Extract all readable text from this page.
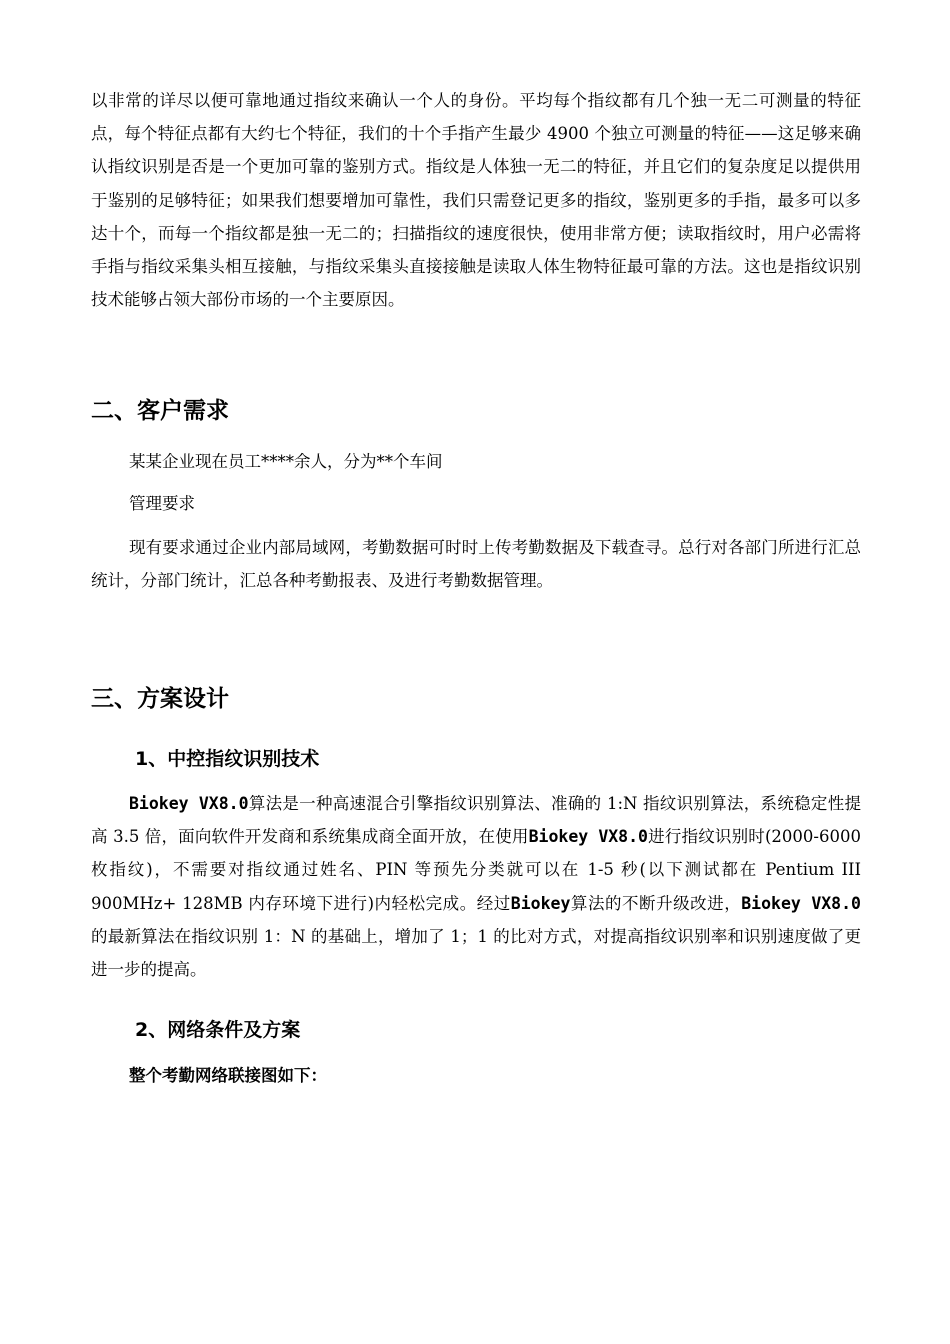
以非常的详尽以便可靠地通过指纹来确认一个人的身份。平均每个指纹都有几个独一无二可测量的特征点，每个特征点都有大约七个特征，我们的十个手指产生最少 4900 个独立可测量的特征——这足够来确认指纹识别是否是一个更加可靠的鉴别方式。指纹是人体独一无二的特征，并且它们的复杂度足以提供用于鉴别的足够特征；如果我们想要增加可靠性，我们只需登记更多的指纹，鉴别更多的手指，最多可以多达十个，而每一个指纹都是独一无二的；扫描指纹的速度很快，使用非常方便；读取指纹时，用户必需将手指与指纹采集头相互接触，与指纹采集头直接接触是读取人体生物特征最可靠的方法。这也是指纹识别技术能够占领大部份市场的一个主要原因。

二、客户需求

某某企业现在员工****余人，分为**个车间

管理要求

现有要求通过企业内部局域网，考勤数据可时时上传考勤数据及下载查寻。总行对各部门所进行汇总统计，分部门统计，汇总各种考勤报表、及进行考勤数据管理。

三、方案设计
1、中控指纹识别技术

Biokey VX8.0算法是一种高速混合引擎指纹识别算法、准确的 1:N 指纹识别算法，系统稳定性提高 3.5 倍，面向软件开发商和系统集成商全面开放，在使用Biokey VX8.0进行指纹识别时(2000-6000 枚指纹)，不需要对指纹通过姓名、PIN 等预先分类就可以在 1-5 秒(以下测试都在 Pentium III 900MHz+ 128MB 内存环境下进行)内轻松完成。经过Biokey算法的不断升级改进，Biokey VX8.0的最新算法在指纹识别 1：N 的基础上，增加了 1；1 的比对方式，对提高指纹识别率和识别速度做了更进一步的提高。

2、网络条件及方案

整个考勤网络联接图如下：
